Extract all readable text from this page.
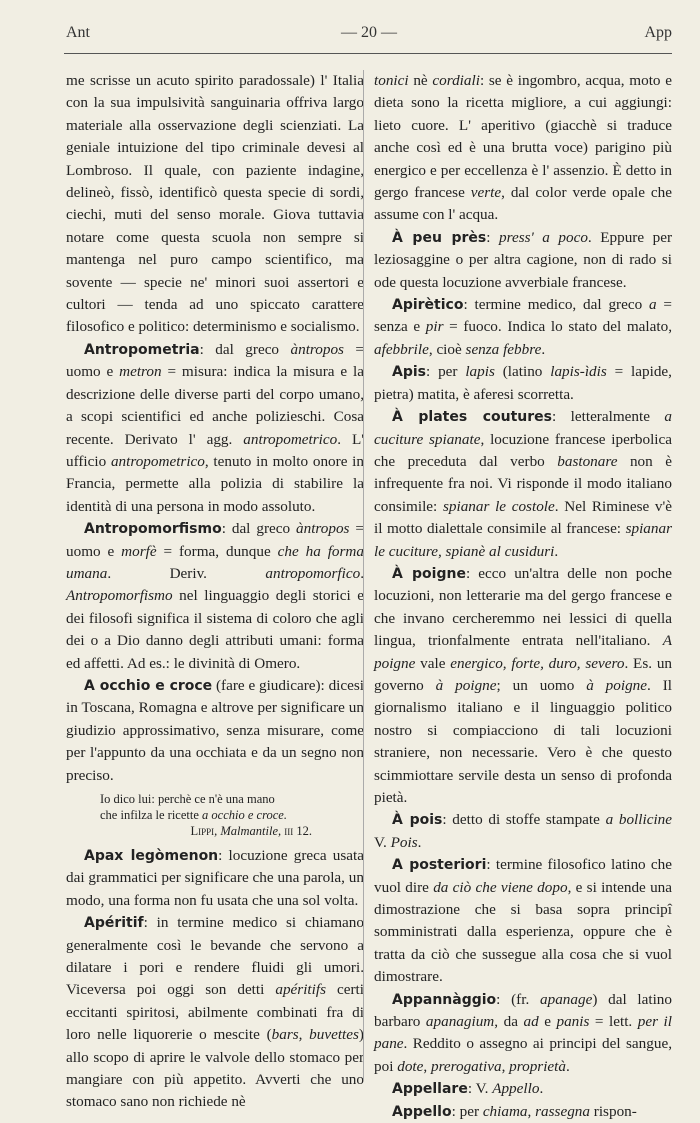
Ant	— 20 —	App

me scrisse un acuto spirito paradossale) l' Italia con la sua impulsività sanguinaria offriva largo materiale alla osservazione degli scienziati. La geniale intuizione del tipo criminale devesi al Lombroso. Il quale, con paziente indagine, delineò, fissò, identificò questa specie di sordi, ciechi, muti del senso morale. Giova tuttavia notare come questa scuola non sempre si mantenga nel puro campo scientifico, ma sovente — specie ne' minori suoi assertori e cultori — tenda ad uno spiccato carattere filosofico e politico: determinismo e socialismo.

Antropometria: dal greco àntropos = uomo e metron = misura: indica la misura e la descrizione delle diverse parti del corpo umano, a scopi scientifici ed anche polizieschi. Cosa recente. Derivato l' agg. antropometrico. L' ufficio antropometrico, tenuto in molto onore in Francia, permette alla polizia di stabilire la identità di una persona in modo assoluto.

Antropomorfismo: dal greco àntropos = uomo e morfè = forma, dunque che ha forma umana. Deriv. antropomorfico. Antropomorfismo nel linguaggio degli storici e dei filosofi significa il sistema di coloro che agli dei o a Dio danno degli attributi umani: forma ed affetti. Ad es.: le divinità di Omero.

A occhio e croce (fare e giudicare): dicesi in Toscana, Romagna e altrove per significare un giudizio approssimativo, senza misurare, come per l'appunto da una occhiata e da un segno non preciso.

Io dico lui: perchè ce n'è una mano
che infilza le ricette a occhio e croce.
Lippi, Malmantile, iii 12.

Apax legòmenon: locuzione greca usata dai grammatici per significare che una parola, un modo, una forma non fu usata che una sol volta.

Apéritif: in termine medico si chiamano generalmente così le bevande che servono a dilatare i pori e rendere fluidi gli umori. Viceversa poi oggi son detti apéritifs certi eccitanti spiritosi, abilmente combinati fra di loro nelle liquorerie o mescite (bars, buvettes) allo scopo di aprire le valvole dello stomaco per mangiare con più appetito. Avverti che uno stomaco sano non richiede nè

tonici nè cordiali: se è ingombro, acqua, moto e dieta sono la ricetta migliore, a cui aggiungi: lieto cuore. L' aperitivo (giacchè si traduce anche così ed è una brutta voce) parigino più energico e per eccellenza è l' assenzio. È detto in gergo francese verte, dal color verde opale che assume con l' acqua.

À peu près: press' a poco. Eppure per leziosaggine o per altra cagione, non di rado si ode questa locuzione avverbiale francese.

Apirètico: termine medico, dal greco a = senza e pir = fuoco. Indica lo stato del malato, afebbrile, cioè senza febbre.

Apis: per lapis (latino lapis-ìdis = lapide, pietra) matita, è aferesi scorretta.

À plates coutures: letteralmente a cuciture spianate, locuzione francese iperbolica che preceduta dal verbo bastonare non è infrequente fra noi. Vi risponde il modo italiano consimile: spianar le costole. Nel Riminese v'è il motto dialettale consimile al francese: spianar le cuciture, spianè al cusiduri.

À poigne: ecco un'altra delle non poche locuzioni, non letterarie ma del gergo francese e che invano cercheremmo nei lessici di quella lingua, trionfalmente entrata nell'italiano. A poigne vale energico, forte, duro, severo. Es. un governo à poigne; un uomo à poigne. Il giornalismo italiano e il linguaggio politico nostro si compiacciono di tali locuzioni straniere, non necessarie. Vero è che questo scimmiottare servile desta un senso di profonda pietà.

À pois: detto di stoffe stampate a bollicine V. Pois.

A posteriori: termine filosofico latino che vuol dire da ciò che viene dopo, e si intende una dimostrazione che si basa sopra principî somministrati dalla esperienza, oppure che è tratta da ciò che sussegue alla cosa che si vuol dimostrare.

Appannàggio: (fr. apanage) dal latino barbaro apanagium, da ad e panis = lett. per il pane. Reddito o assegno ai principi del sangue, poi dote, prerogativa, proprietà.

Appellare: V. Appello.

Appello: per chiama, rassegna rispon-
